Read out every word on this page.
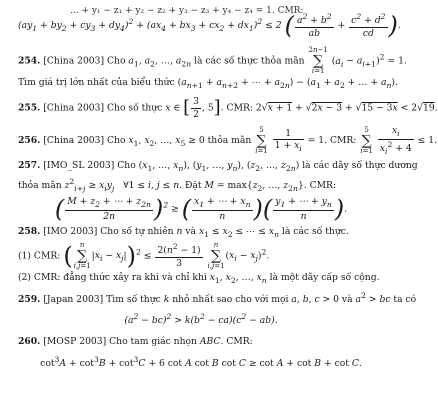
... + y₁ − z₁ + y₂ − z₂ + y₃ − z₃ + y₄ − z₄ = 1. CMR:
$(ay_1 + by_2 + cy_3 + dy_4)^2 + (ax_4 + bx_3 + cx_2 + dx_1)^2 \le 2$ ( $\frac{a^2 + b^2}{ab} + \frac{c^2 + d^2}{cd}$ ).
254. [China 2003] Cho $a_1$, $a_2$, …, $a_{2n}$ là các số thực thỏa mãn 2n−1
∑
i=1 $(a_i - a_{i+1})^2 = 1$.
Tìm giá trị lớn nhất của biểu thức ($a_{n+1} + a_{n+2}$ + ⋯ + $a_{2n}) - (a_1 + a_2$ + … + $a_n$).
255. [China 2003] Cho số thực x ∈ [ $\frac{3}{2}$ , 5]. CMR: 2√x + 1 + √2x − 3 + √15 − 3x < 2√19.
256. [China 2003] Cho $x_1$, $x_2$, …, $x_5 \ge 0$ thỏa mãn 5
∑
$i=1 \frac{1}{1 + x_i} = 1$. CMR: 5
∑
$i=1 \frac{x_i}{x_i^2 + 4} \le 1$.
257. [IMO_SL 2003] Cho ($x_1$, …, $x_n$), ($y_1$, …, $y_n$), ($z_2$, …, $z_{2n}$) là các dãy số thực dương
thỏa mãn $z^2_{i+j} \ge x_iy_j$   ∀1 ≤ i, j ≤ n. Đặt $M = \max\{z_2$, …, $z_{2n}$}. CMR:
( $\frac{M + z_2 + \cdots + z_{2n}}{2n} )^2$ ≥ ( $\frac{x_1 + \cdots + x_n}{n}$ )( $\frac{y_1 + \cdots + y_n}{n}$ ).
258. [IMO 2003] Cho số tự nhiên n và $x_1 \le x_2$ ≤ ⋯ ≤ $x_n$ là các số thực.
(1) CMR: ( n
∑
$i,j=1|x_i - x_j|)^2 \le \frac{2(n^2 - 1)}{3}$ n
∑
$i,j=1(x_i - x_j)^2$.
(2) CMR: đẳng thức xảy ra khi và chỉ khi $x_1$, $x_2$, …, $x_n$ là một dãy cấp số cộng.
259. [Japan 2003] Tìm số thực k nhỏ nhất sao cho với mọi a, b, c > 0 và $a^2$ > bc ta có
$(a^2 - bc)^2 > k(b^2 - ca)(c^2 - ab)$.
260. [MOSP 2003] Cho tam giác nhọn ABC. CMR:
$\cot^3A + \cot^3B + \cot^3C + 6$ cot A cot B cot C ≥ cot A + cot B + cot C.
